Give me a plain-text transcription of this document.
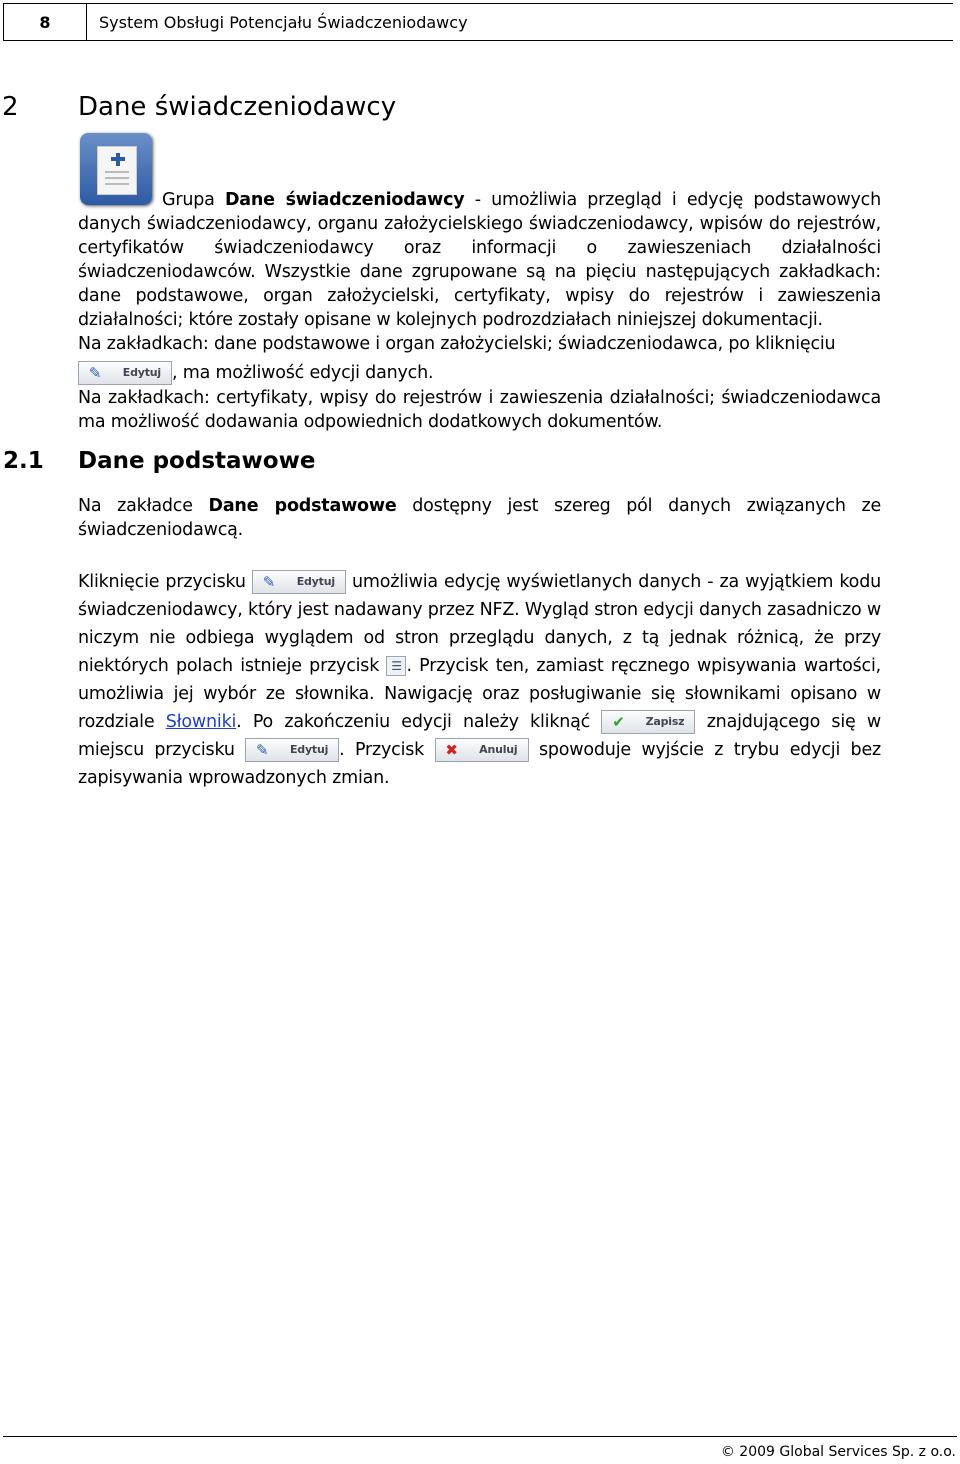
8	System Obsługi Potencjału Świadczeniodawcy
2 Dane świadczeniodawcy

Grupa Dane świadczeniodawcy - umożliwia przegląd i edycję podstawowych danych świadczeniodawcy, organu założycielskiego świadczeniodawcy, wpisów do rejestrów, certyfikatów świadczeniodawcy oraz informacji o zawieszeniach działalności świadczeniodawców. Wszystkie dane zgrupowane są na pięciu następujących zakładkach: dane podstawowe, organ założycielski, certyfikaty, wpisy do rejestrów i zawieszenia działalności; które zostały opisane w kolejnych podrozdziałach niniejszej dokumentacji.

Na zakładkach: dane podstawowe i organ założycielski; świadczeniodawca, po kliknięciu

✎ Edytuj , ma możliwość edycji danych.

Na zakładkach: certyfikaty, wpisy do rejestrów i zawieszenia działalności; świadczeniodawca ma możliwość dodawania odpowiednich dodatkowych dokumentów.

2.1 Dane podstawowe

Na zakładce Dane podstawowe dostępny jest szereg pól danych związanych ze świadczeniodawcą.

Kliknięcie przycisku ✎ Edytuj umożliwia edycję wyświetlanych danych - za wyjątkiem kodu świadczeniodawcy, który jest nadawany przez NFZ. Wygląd stron edycji danych zasadniczo w niczym nie odbiega wyglądem od stron przeglądu danych, z tą jednak różnicą, że przy niektórych polach istnieje przycisk ☰ . Przycisk ten, zamiast ręcznego wpisywania wartości, umożliwia jej wybór ze słownika. Nawigację oraz posługiwanie się słownikami opisano w rozdziale Słowniki. Po zakończeniu edycji należy kliknąć ✔ Zapisz znajdującego się w miejscu przycisku ✎ Edytuj . Przycisk ✖ Anuluj spowoduje wyjście z trybu edycji bez zapisywania wprowadzonych zmian.

© 2009 Global Services Sp. z o.o.
